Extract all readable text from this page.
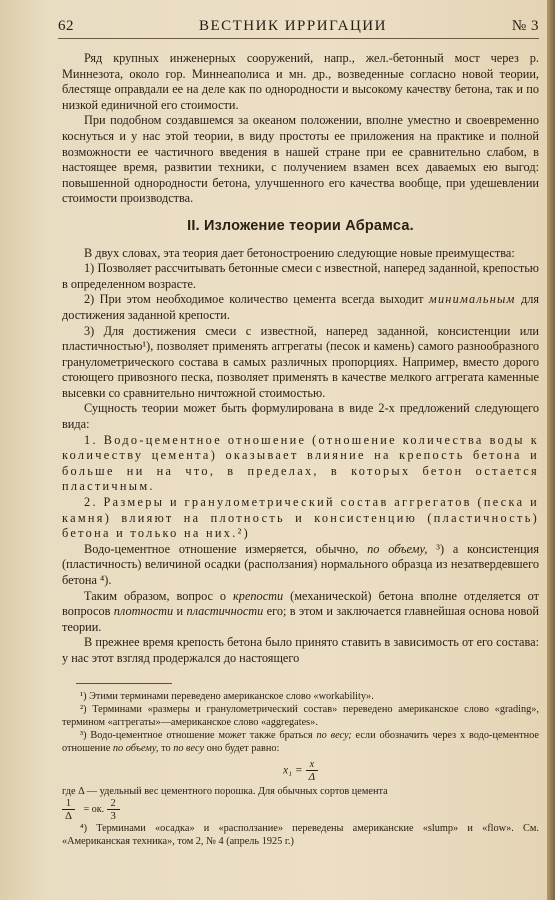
62	ВЕСТНИК ИРРИГАЦИИ	№ 3

Ряд крупных инженерных сооружений, напр., жел.-бетонный мост через р. Миннезота, около гор. Миннеаполиса и мн. др., возведенные согласно новой теории, блестяще оправдали ее на деле как по однородности и высокому качеству бетона, так и по низкой единичной его стоимости.

При подобном создавшемся за океаном положении, вполне уместно и своевременно коснуться и у нас этой теории, в виду простоты ее приложения на практике и полной возможности ее частичного введения в нашей стране при ее сравнительно слабом, в настоящее время, развитии техники, с получением взамен всех даваемых ею выгод: повышенной однородности бетона, улучшенного его качества вообще, при удешевлении стоимости производства.

II. Изложение теории Абрамса.

В двух словах, эта теория дает бетоностроению следующие новые преимущества:

1) Позволяет рассчитывать бетонные смеси с известной, наперед заданной, крепостью в определенном возрасте.

2) При этом необходимое количество цемента всегда выходит минимальным для достижения заданной крепости.

3) Для достижения смеси с известной, наперед заданной, консистенции или пластичностью¹), позволяет применять аггрегаты (песок и камень) самого разнообразного гранулометрического состава в самых различных пропорциях. Например, вместо дорого стоющего привозного песка, позволяет применять в качестве мелкого аггрегата каменные высевки со сравнительно ничтожной стоимостью.

Сущность теории может быть формулирована в виде 2-х предложений следующего вида:

1. Водо-цементное отношение (отношение количества воды к количеству цемента) оказывает влияние на крепость бетона и больше ни на что, в пределах, в которых бетон остается пластичным.

2. Размеры и гранулометрический состав аггрегатов (песка и камня) влияют на плотность и консистенцию (пластичность) бетона и только на них.²)

Водо-цементное отношение измеряется, обычно, по объему, ³) а консистенция (пластичность) величиной осадки (расползания) нормального образца из незатвердевшего бетона ⁴).

Таким образом, вопрос о крепости (механической) бетона вполне отделяется от вопросов плотности и пластичности его; в этом и заключается главнейшая основа новой теории.

В прежнее время крепость бетона было принято ставить в зависимость от его состава: у нас этот взгляд продержался до настоящего

¹) Этими терминами переведено американское слово «workability».

²) Терминами «размеры и гранулометрический состав» переведено американское слово «grading», термином «аггрегаты»—американское слово «aggregates».

³) Водо-цементное отношение может также браться по весу; если обозначить через x водо-цементное отношение по объему, то по весу оно будет равно:

$x_1 = \frac{x}{\Delta}$
где Δ — удельный вес цементного порошка. Для обычных сортов цемента
$\frac{1}{\Delta}$ = ок. $\frac{2}{3}$

⁴) Терминами «осадка» и «расползание» переведены американские «slump» и «flow». См. «Американская техника», том 2, № 4 (апрель 1925 г.)
